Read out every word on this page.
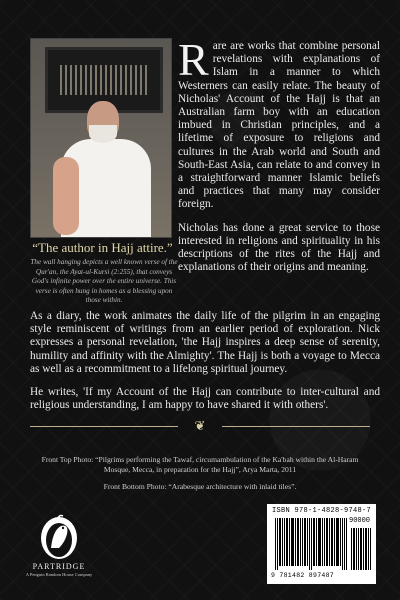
“The author in Hajj attire.”
The wall hanging depicts a well known verse of the Qur'an, the Ayat-ul-Kursi (2:255), that conveys God's infinite power over the entire universe. This verse is often hung in homes as a blessing upon those within.

Rare are works that combine personal revelations with explanations of Islam in a manner to which Westerners can easily relate. The beauty of Nicholas' Account of the Hajj is that an Australian farm boy with an education imbued in Christian principles, and a lifetime of exposure to religions and cultures in the Arab world and South and South-East Asia, can relate to and convey in a straightforward manner Islamic beliefs and practices that many may consider foreign.

Nicholas has done a great service to those interested in religions and spirituality in his descriptions of the rites of the Hajj and explanations of their origins and meaning.

As a diary, the work animates the daily life of the pilgrim in an engaging style reminiscent of writings from an earlier period of exploration. Nick expresses a personal revelation, 'the Hajj inspires a deep sense of serenity, humility and affinity with the Almighty'. The Hajj is both a voyage to Mecca as well as a recommitment to a lifelong spiritual journey.

He writes, 'If my Account of the Hajj can contribute to inter-cultural and religious understanding, I am happy to have shared it with others'.

❦
Front Top Photo: “Pilgrims performing the Tawaf, circumambulation of the Ka'bah within the Al-Haram Mosque, Mecca, in preparation for the Hajj”, Arya Marta, 2011
Front Bottom Photo: “Arabesque architecture with inlaid tiles”.
PARTRIDGE
A Penguin Random House Company
ISBN 978-1-4828-9748-7
90000
9 781482 897487
